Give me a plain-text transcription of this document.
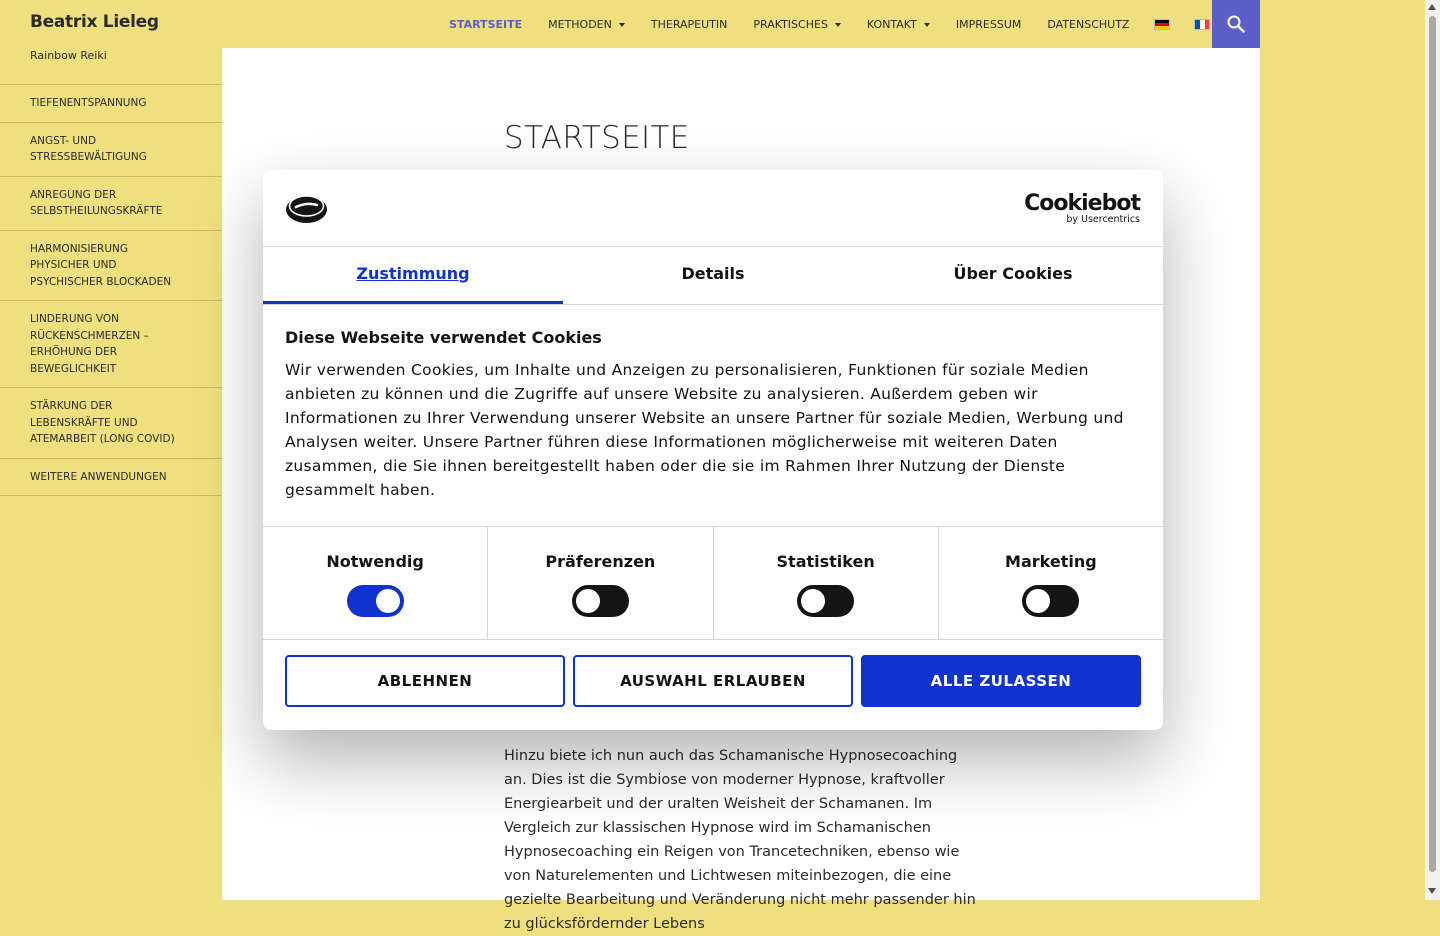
Beatrix Lieleg	STARTSEITE METHODEN	THERAPEUTIN PRAKTISCHES	KONTAKT	IMPRESSUM DATENSCHUTZ
Rainbow Reiki
TIEFENENTSPANNUNG
ANGST- UND STRESSBEWÄLTIGUNG
ANREGUNG DER SELBSTHEILUNGSKRÄFTE
HARMONISIERUNG PHYSICHER UND PSYCHISCHER BLOCKADEN
LINDERUNG VON RÜCKENSCHMERZEN – ERHÖHUNG DER BEWEGLICHKEIT
STÄRKUNG DER LEBENSKRÄFTE UND ATEMARBEIT (LONG COVID)
WEITERE ANWENDUNGEN
STARTSEITE
Hinzu biete ich nun auch das Schamanische Hypnosecoaching an. Dies ist die Symbiose von moderner Hypnose, kraftvoller Energiearbeit und der uralten Weisheit der Schamanen. Im Vergleich zur klassischen Hypnose wird im Schamanischen Hypnosecoaching ein Reigen von Trancetechniken, ebenso wie von Naturelementen und Lichtwesen miteinbezogen, die eine gezielte Bearbeitung und Veränderung nicht mehr passender hin zu glücksfördernder Lebens
Cookiebot
by Usercentrics
Zustimmung	Details	Über Cookies
Diese Webseite verwendet Cookies
Wir verwenden Cookies, um Inhalte und Anzeigen zu personalisieren, Funktionen für soziale Medien anbieten zu können und die Zugriffe auf unsere Website zu analysieren. Außerdem geben wir Informationen zu Ihrer Verwendung unserer Website an unsere Partner für soziale Medien, Werbung und Analysen weiter. Unsere Partner führen diese Informationen möglicherweise mit weiteren Daten zusammen, die Sie ihnen bereitgestellt haben oder die sie im Rahmen Ihrer Nutzung der Dienste gesammelt haben.
Notwendig	Präferenzen	Statistiken	Marketing
ABLEHNEN	AUSWAHL ERLAUBEN	ALLE ZULASSEN
